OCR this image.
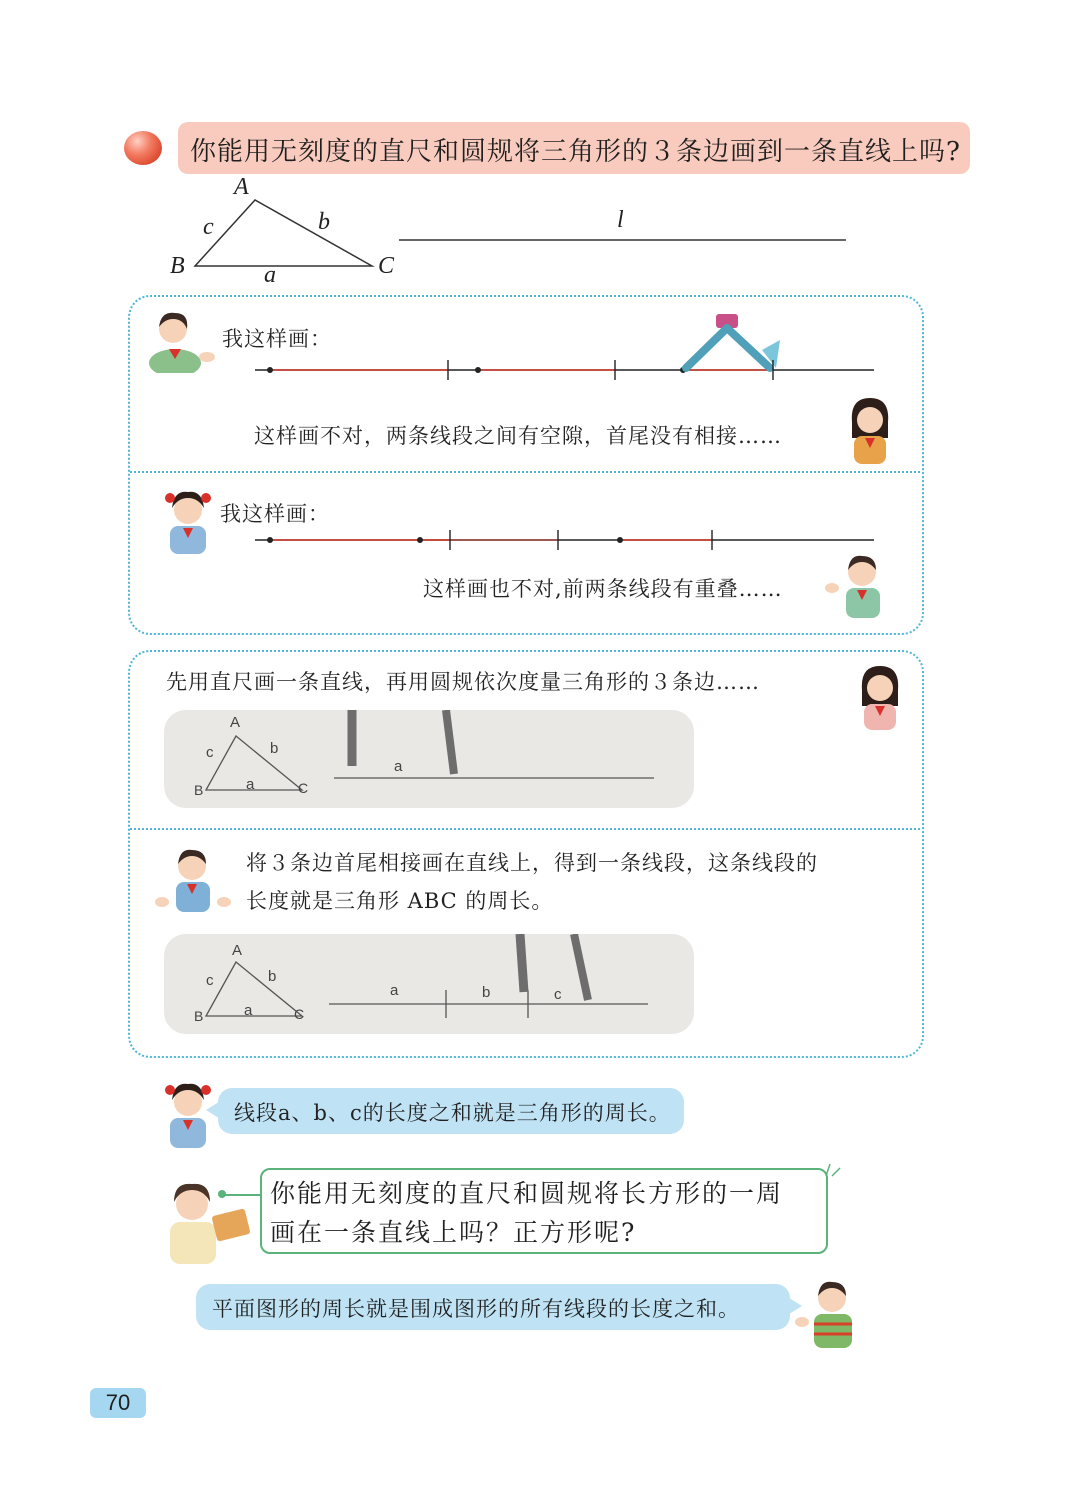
你能用无刻度的直尺和圆规将三角形的３条边画到一条直线上吗?
A
B	C
c	b
a
l
我这样画：
这样画不对，两条线段之间有空隙，首尾没有相接……
我这样画：
这样画也不对,前两条线段有重叠……
先用直尺画一条直线，再用圆规依次度量三角形的３条边……
A
B	C
c	b
a
a
将３条边首尾相接画在直线上，得到一条线段，这条线段的
长度就是三角形 ABC 的周长。
A
B	C
c	b
a
a	b	c
线段a、b、c的长度之和就是三角形的周长。
你能用无刻度的直尺和圆规将长方形的一周
画在一条直线上吗？正方形呢?
平面图形的周长就是围成图形的所有线段的长度之和。
70
